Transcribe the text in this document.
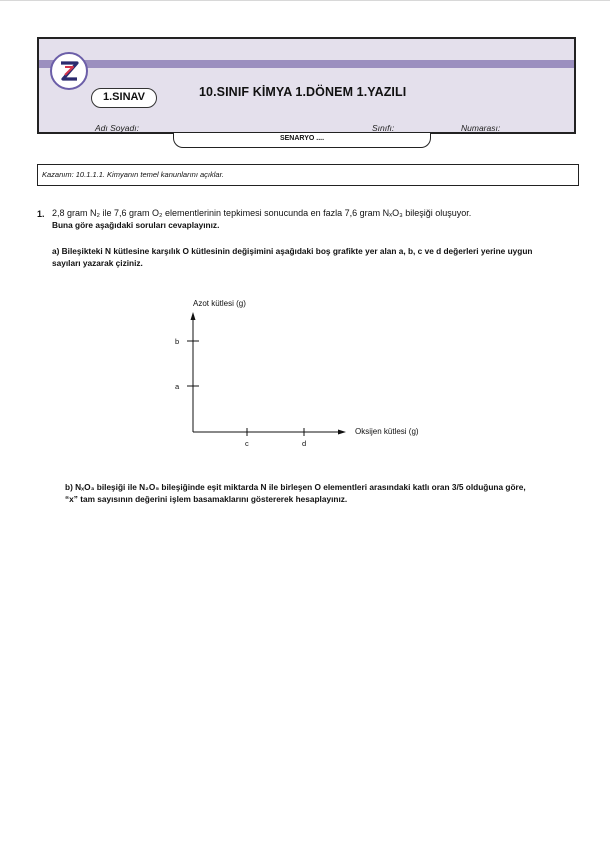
1.SINAV	10.SINIF KİMYA 1.DÖNEM 1.YAZILI
Adı Soyadı:	Sınıfı:	Numarası:
SENARYO ....
Kazanım: 10.1.1.1. Kimyanın temel kanunlarını açıklar.
1. 2,8 gram N₂ ile 7,6 gram O₂ elementlerinin tepkimesi sonucunda en fazla 7,6 gram NₓO₃ bileşiği oluşuyor.
Buna göre aşağıdaki soruları cevaplayınız.
a) Bileşikteki N kütlesine karşılık O kütlesinin değişimini aşağıdaki boş grafikte yer alan a, b, c ve d değerleri yerine uygun
sayıları yazarak çiziniz.
Azot kütlesi (g)
Oksijen kütlesi (g)
a
b
c	d
b) NₓO₃ bileşiği ile N₂O₅ bileşiğinde eşit miktarda N ile birleşen O elementleri arasındaki katlı oran 3/5 olduğuna göre,
“x” tam sayısının değerini işlem basamaklarını göstererek hesaplayınız.
